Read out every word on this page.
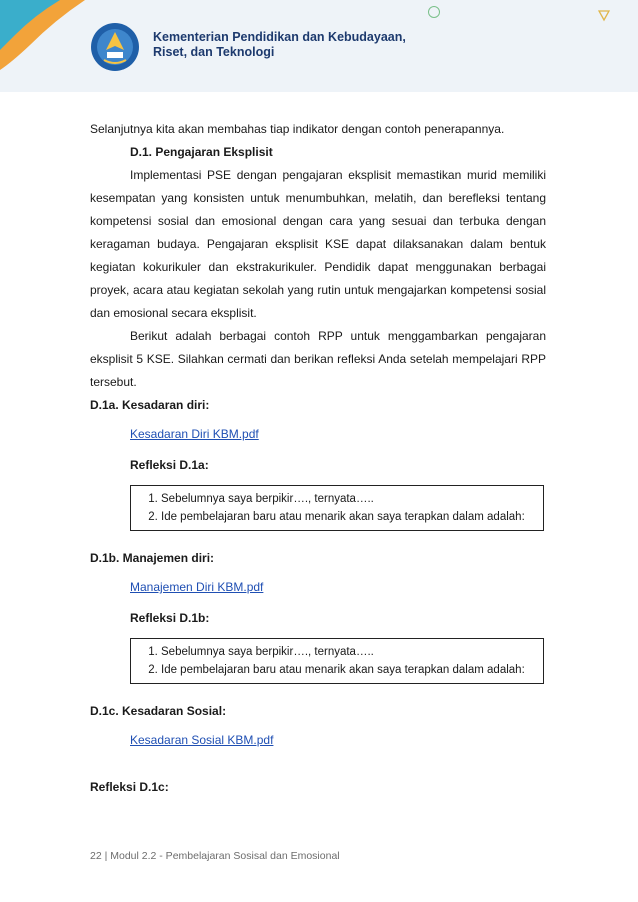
Kementerian Pendidikan dan Kebudayaan,
Riset, dan Teknologi

Selanjutnya kita akan membahas tiap indikator dengan contoh penerapannya.

D.1. Pengajaran Eksplisit

Implementasi PSE dengan pengajaran eksplisit memastikan murid memiliki kesempatan yang konsisten untuk menumbuhkan, melatih, dan berefleksi tentang kompetensi sosial dan emosional dengan cara yang sesuai dan terbuka dengan keragaman budaya. Pengajaran eksplisit KSE dapat dilaksanakan dalam bentuk kegiatan kokurikuler dan ekstrakurikuler. Pendidik dapat menggunakan berbagai proyek, acara atau kegiatan sekolah yang rutin untuk mengajarkan kompetensi sosial dan emosional secara eksplisit.

Berikut adalah berbagai contoh RPP untuk menggambarkan pengajaran eksplisit 5 KSE. Silahkan cermati dan berikan refleksi Anda setelah mempelajari RPP tersebut.

D.1a. Kesadaran diri:

Kesadaran Diri KBM.pdf

Refleksi D.1a:

1. Sebelumnya saya berpikir…., ternyata…..
2. Ide pembelajaran baru atau menarik akan saya terapkan dalam adalah:

D.1b. Manajemen diri:

Manajemen Diri KBM.pdf

Refleksi D.1b:

1. Sebelumnya saya berpikir…., ternyata…..
2. Ide pembelajaran baru atau menarik akan saya terapkan dalam adalah:

D.1c. Kesadaran Sosial:

Kesadaran Sosial KBM.pdf

Refleksi D.1c:

22 | Modul 2.2 - Pembelajaran Sosisal dan Emosional
